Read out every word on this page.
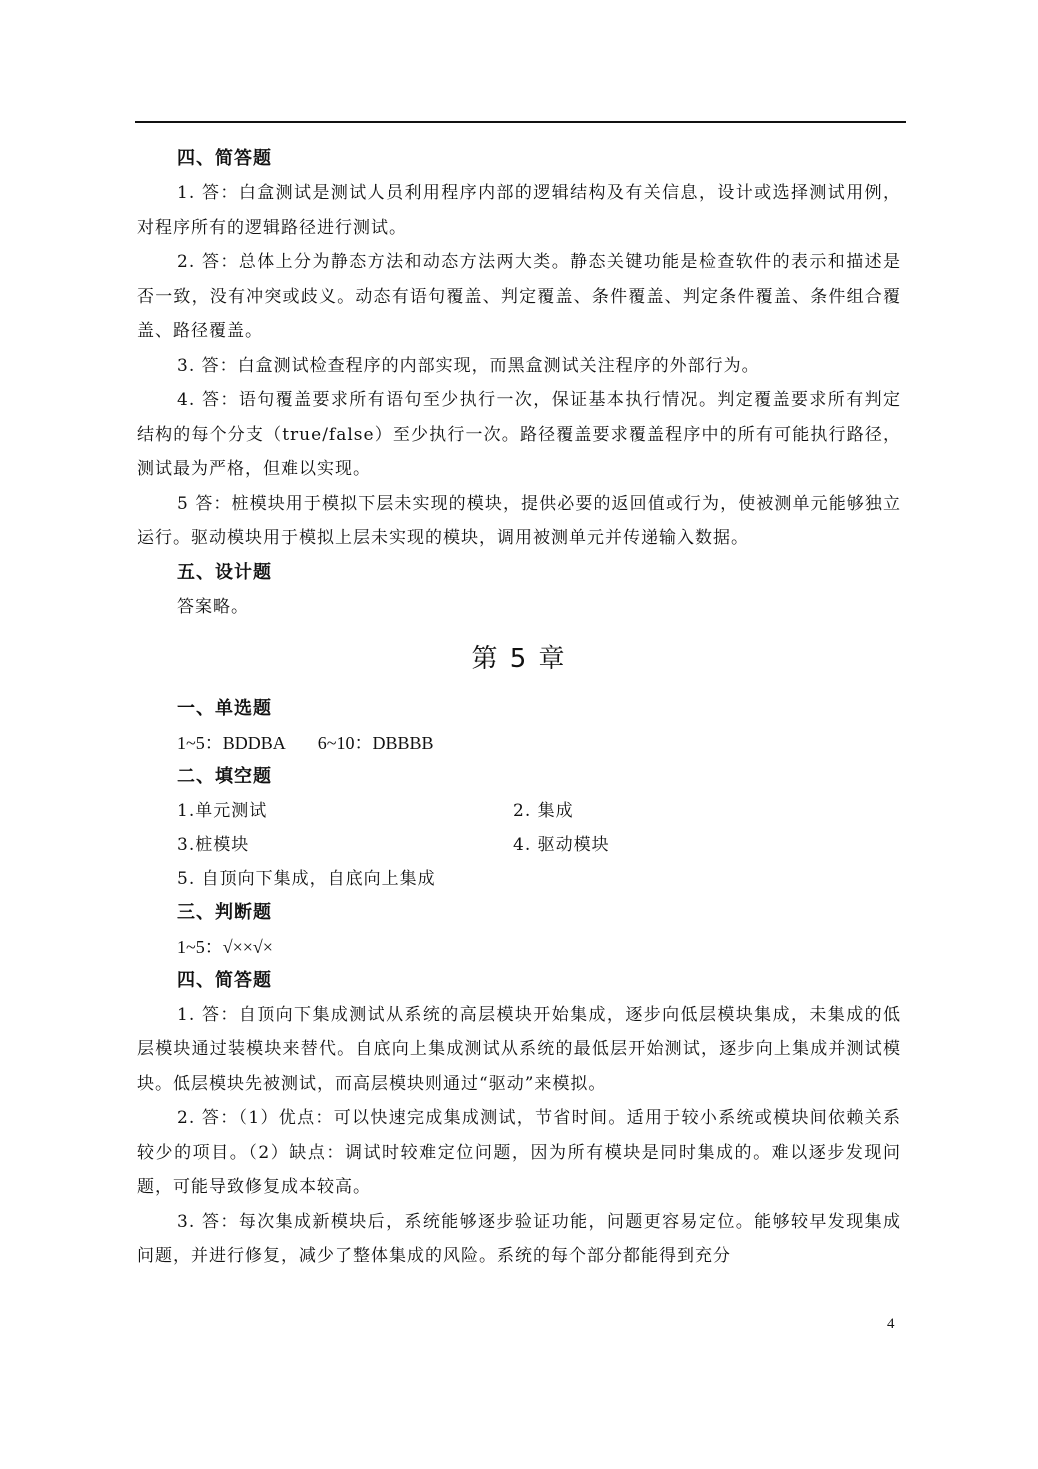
四、简答题

1. 答：白盒测试是测试人员利用程序内部的逻辑结构及有关信息，设计或选择测试用例，对程序所有的逻辑路径进行测试。

2. 答：总体上分为静态方法和动态方法两大类。静态关键功能是检查软件的表示和描述是否一致，没有冲突或歧义。动态有语句覆盖、判定覆盖、条件覆盖、判定条件覆盖、条件组合覆盖、路径覆盖。

3. 答：白盒测试检查程序的内部实现，而黑盒测试关注程序的外部行为。

4. 答：语句覆盖要求所有语句至少执行一次，保证基本执行情况。判定覆盖要求所有判定结构的每个分支（true/false）至少执行一次。路径覆盖要求覆盖程序中的所有可能执行路径，测试最为严格，但难以实现。

5 答：桩模块用于模拟下层未实现的模块，提供必要的返回值或行为，使被测单元能够独立运行。驱动模块用于模拟上层未实现的模块，调用被测单元并传递输入数据。

五、设计题

答案略。

第 5 章

一、单选题

1~5：BDDBA 6~10：DBBBB

二、填空题

1.单元测试	2. 集成
3.桩模块	4. 驱动模块

5. 自顶向下集成，自底向上集成

三、判断题

1~5：√××√×

四、简答题

1. 答：自顶向下集成测试从系统的高层模块开始集成，逐步向低层模块集成，未集成的低层模块通过装模块来替代。自底向上集成测试从系统的最低层开始测试，逐步向上集成并测试模块。低层模块先被测试，而高层模块则通过“驱动”来模拟。

2. 答：（1）优点：可以快速完成集成测试，节省时间。适用于较小系统或模块间依赖关系较少的项目。（2）缺点：调试时较难定位问题，因为所有模块是同时集成的。难以逐步发现问题，可能导致修复成本较高。

3. 答：每次集成新模块后，系统能够逐步验证功能，问题更容易定位。能够较早发现集成问题，并进行修复，减少了整体集成的风险。系统的每个部分都能得到充分

4
